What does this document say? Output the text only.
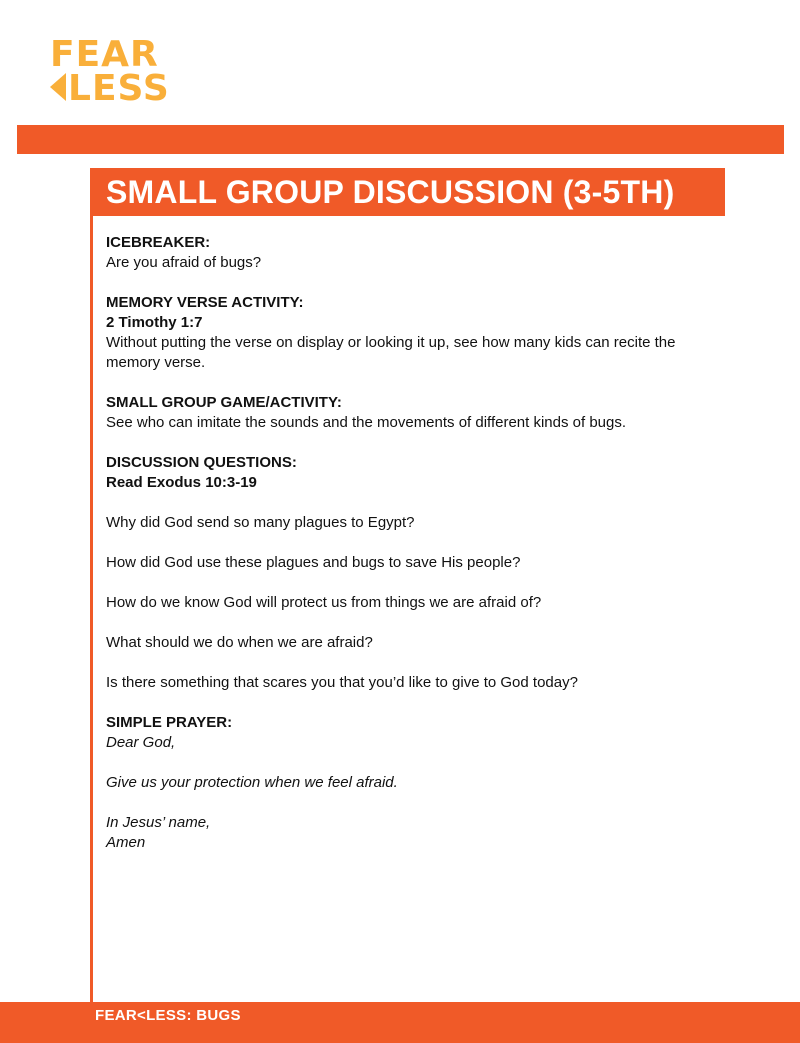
FEAR
LESS
SMALL GROUP DISCUSSION (3-5TH)
ICEBREAKER:
Are you afraid of bugs?
MEMORY VERSE ACTIVITY:
2 Timothy 1:7
Without putting the verse on display or looking it up, see how many kids can recite the
memory verse.
SMALL GROUP GAME/ACTIVITY:
See who can imitate the sounds and the movements of different kinds of bugs.
DISCUSSION QUESTIONS:
Read Exodus 10:3-19
Why did God send so many plagues to Egypt?
How did God use these plagues and bugs to save His people?
How do we know God will protect us from things we are afraid of?
What should we do when we are afraid?
Is there something that scares you that you’d like to give to God today?
SIMPLE PRAYER:
Dear God,
Give us your protection when we feel afraid.
In Jesus’ name,
Amen
FEAR<LESS: BUGS
